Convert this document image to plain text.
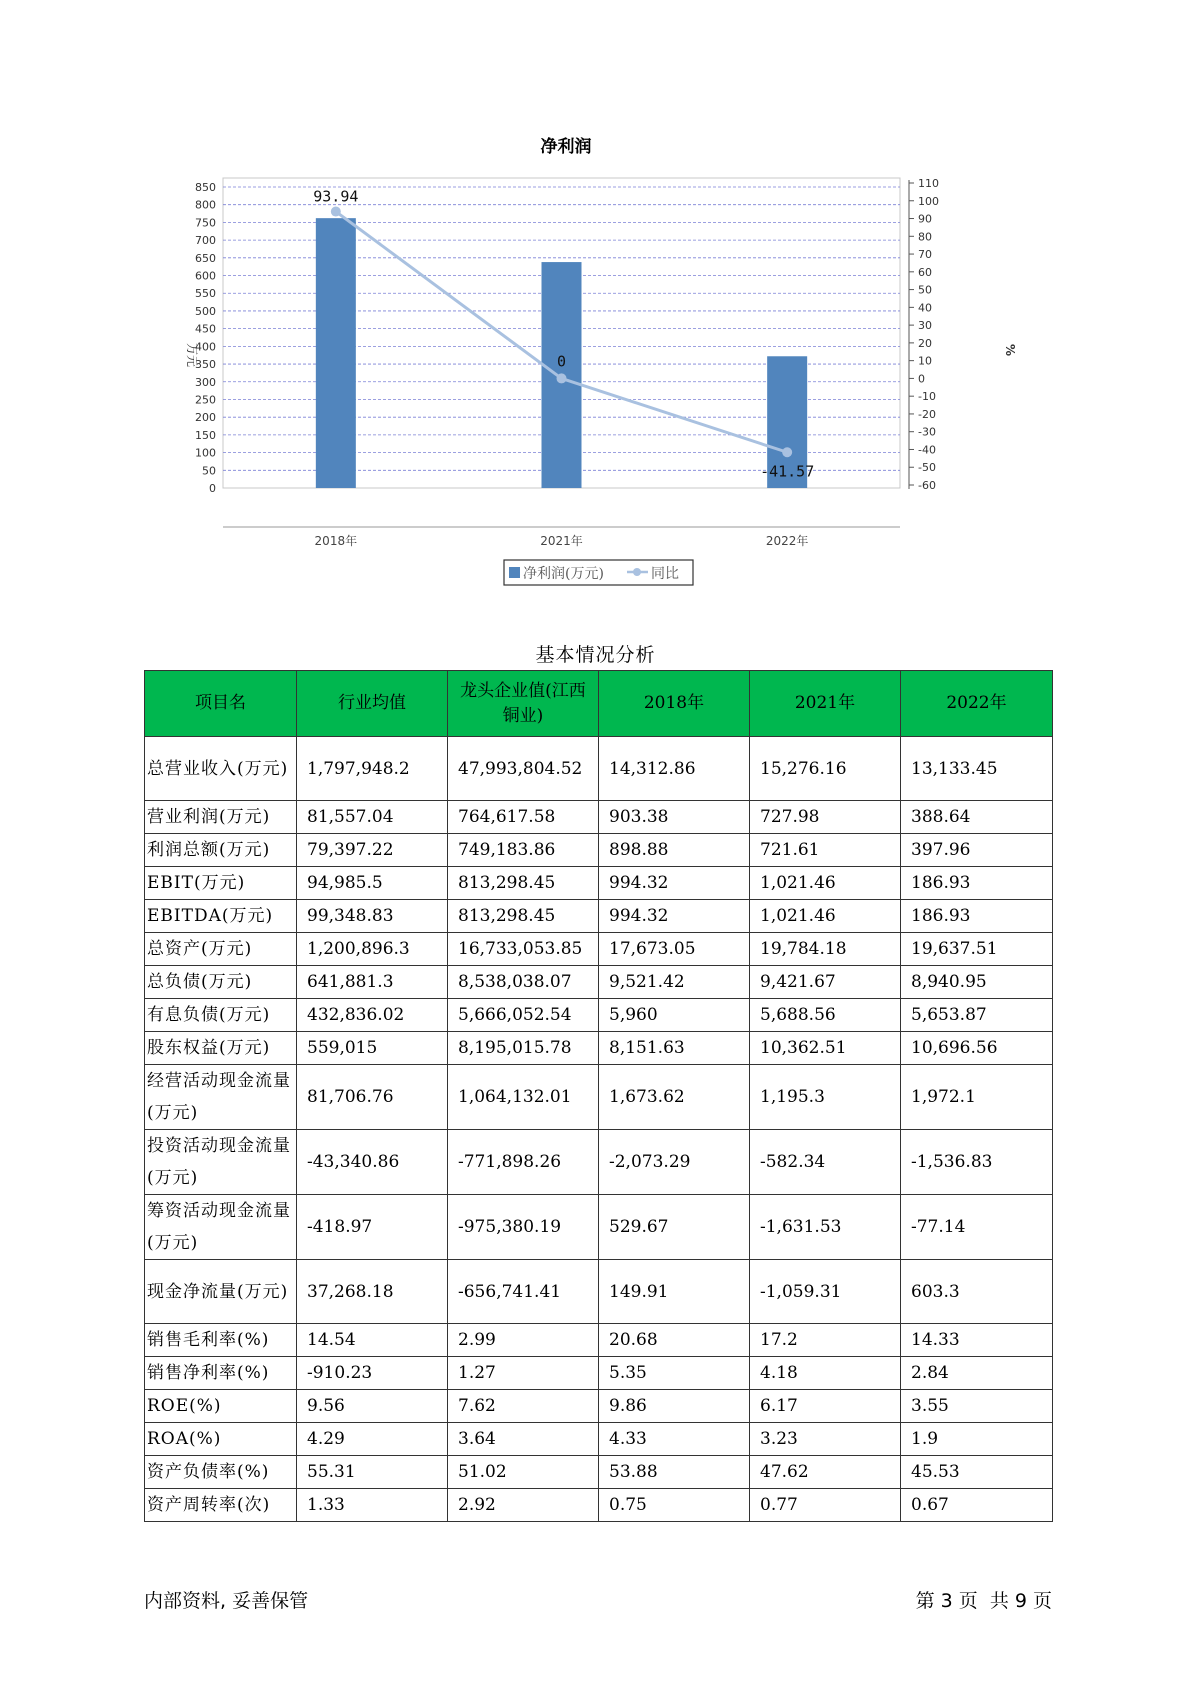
净利润
0
50
100
150
200
250
300
350
400
450
500
550
600
650
700
750
800
850
-60
-50
-40
-30
-20
-10
0
10
20
30
40
50
60
70
80
90
100
110
万元	%
2018年	2021年	2022年
93.94
0
-41.57
净利润(万元)	同比
基本情况分析
项目名	行业均值	龙头企业值(江西铜业)	2018年	2021年	2022年
总营业收入(万元)	1,797,948.2	47,993,804.52	14,312.86	15,276.16	13,133.45
营业利润(万元)	81,557.04	764,617.58	903.38	727.98	388.64
利润总额(万元)	79,397.22	749,183.86	898.88	721.61	397.96
EBIT(万元)	94,985.5	813,298.45	994.32	1,021.46	186.93
EBITDA(万元)	99,348.83	813,298.45	994.32	1,021.46	186.93
总资产(万元)	1,200,896.3	16,733,053.85	17,673.05	19,784.18	19,637.51
总负债(万元)	641,881.3	8,538,038.07	9,521.42	9,421.67	8,940.95
有息负债(万元)	432,836.02	5,666,052.54	5,960	5,688.56	5,653.87
股东权益(万元)	559,015	8,195,015.78	8,151.63	10,362.51	10,696.56
经营活动现金流量(万元)	81,706.76	1,064,132.01	1,673.62	1,195.3	1,972.1
投资活动现金流量(万元)	-43,340.86	-771,898.26	-2,073.29	-582.34	-1,536.83
筹资活动现金流量(万元)	-418.97	-975,380.19	529.67	-1,631.53	-77.14
现金净流量(万元)	37,268.18	-656,741.41	149.91	-1,059.31	603.3
销售毛利率(%)	14.54	2.99	20.68	17.2	14.33
销售净利率(%)	-910.23	1.27	5.35	4.18	2.84
ROE(%)	9.56	7.62	9.86	6.17	3.55
ROA(%)	4.29	3.64	4.33	3.23	1.9
资产负债率(%)	55.31	51.02	53.88	47.62	45.53
资产周转率(次)	1.33	2.92	0.75	0.77	0.67
内部资料, 妥善保管	第 3 页  共 9 页
